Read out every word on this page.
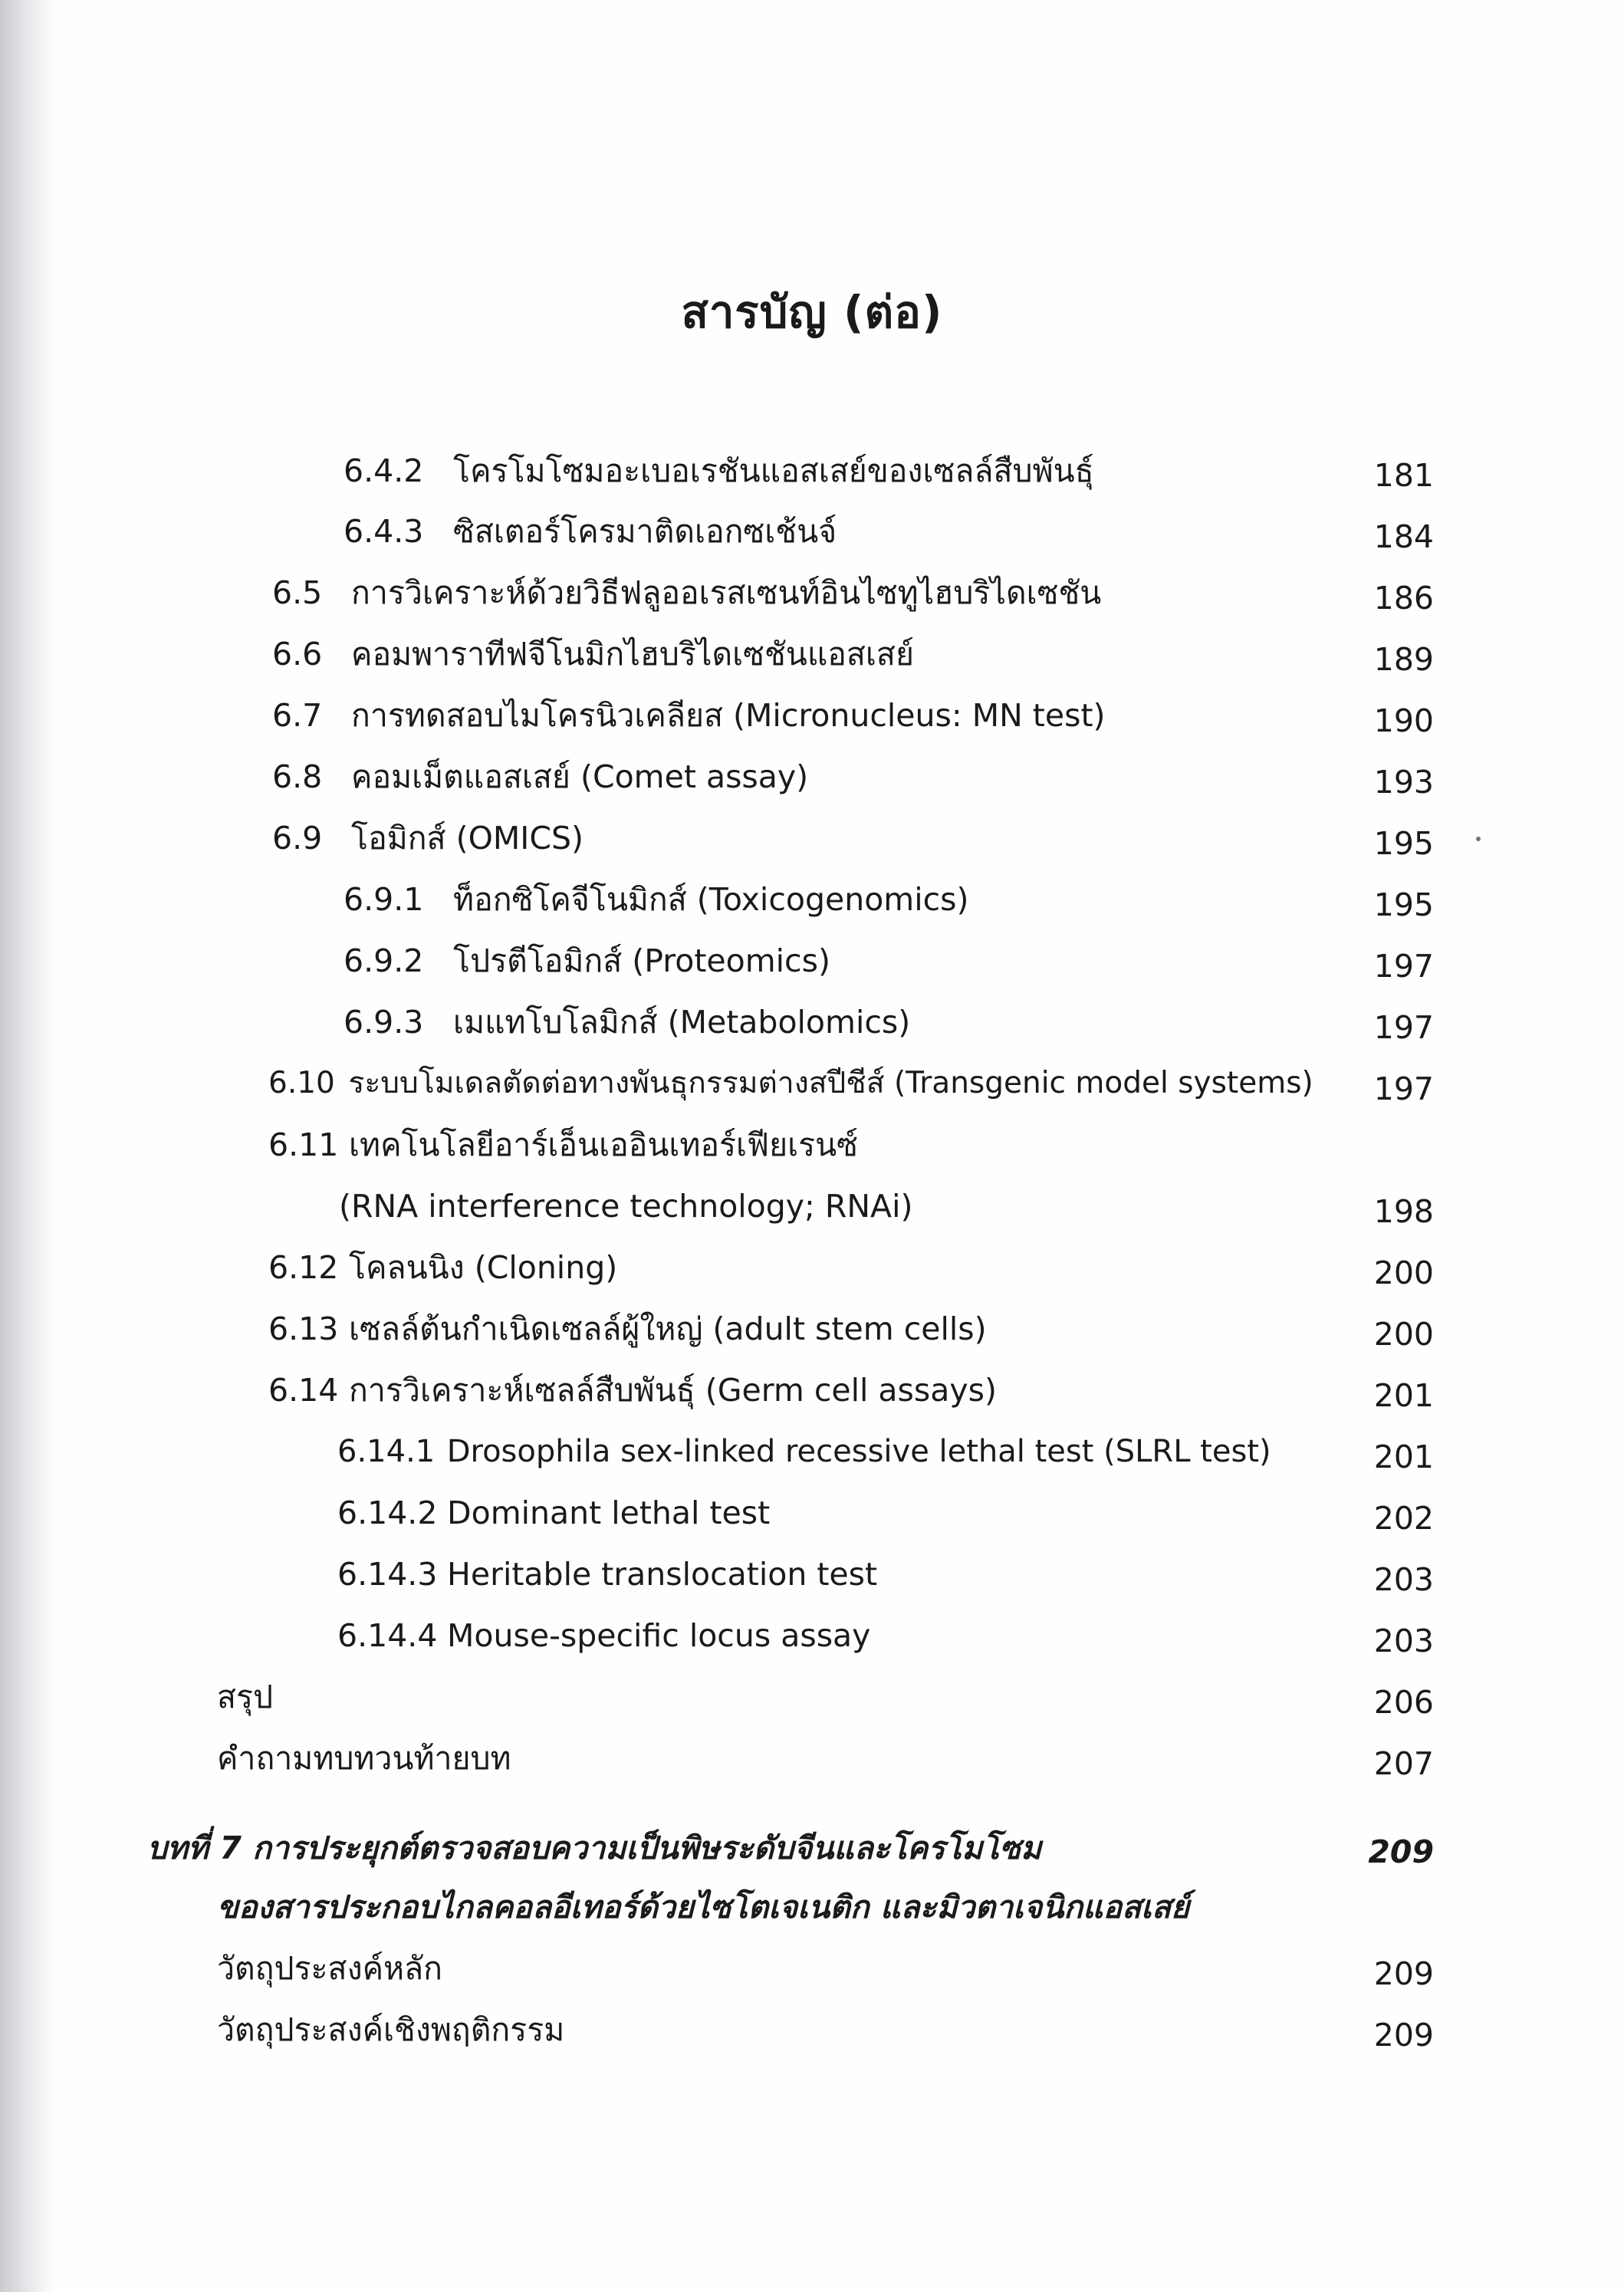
สารบัญ (ต่อ)
6.4.2 โครโมโซมอะเบอเรชันแอสเสย์ของเซลล์สืบพันธุ์	181
6.4.3 ซิสเตอร์โครมาติดเอกซเช้นจ์	184
6.5 การวิเคราะห์ด้วยวิธีฟลูออเรสเซนท์อินไซทูไฮบริไดเซชัน	186
6.6 คอมพาราทีฟจีโนมิกไฮบริไดเซชันแอสเสย์	189
6.7 การทดสอบไมโครนิวเคลียส (Micronucleus: MN test)	190
6.8 คอมเม็ตแอสเสย์ (Comet assay)	193
6.9 โอมิกส์ (OMICS)	195
6.9.1 ท็อกซิโคจีโนมิกส์ (Toxicogenomics)	195
6.9.2 โปรตีโอมิกส์ (Proteomics)	197
6.9.3 เมแทโบโลมิกส์ (Metabolomics)	197
6.10 ระบบโมเดลตัดต่อทางพันธุกรรมต่างสปีชีส์ (Transgenic model systems)	197
6.11 เทคโนโลยีอาร์เอ็นเออินเทอร์เฟียเรนซ์
(RNA interference technology; RNAi)	198
6.12 โคลนนิง (Cloning)	200
6.13 เซลล์ต้นกำเนิดเซลล์ผู้ใหญ่ (adult stem cells)	200
6.14 การวิเคราะห์เซลล์สืบพันธุ์ (Germ cell assays)	201
6.14.1 Drosophila sex-linked recessive lethal test (SLRL test)	201
6.14.2 Dominant lethal test	202
6.14.3 Heritable translocation test	203
6.14.4 Mouse-specific locus assay	203
สรุป	206
คำถามทบทวนท้ายบท	207
บทที่ 7 การประยุกต์ตรวจสอบความเป็นพิษระดับจีนและโครโมโซม	209
ของสารประกอบไกลคอลอีเทอร์ด้วยไซโตเจเนติก และมิวตาเจนิกแอสเสย์
วัตถุประสงค์หลัก	209
วัตถุประสงค์เชิงพฤติกรรม	209
